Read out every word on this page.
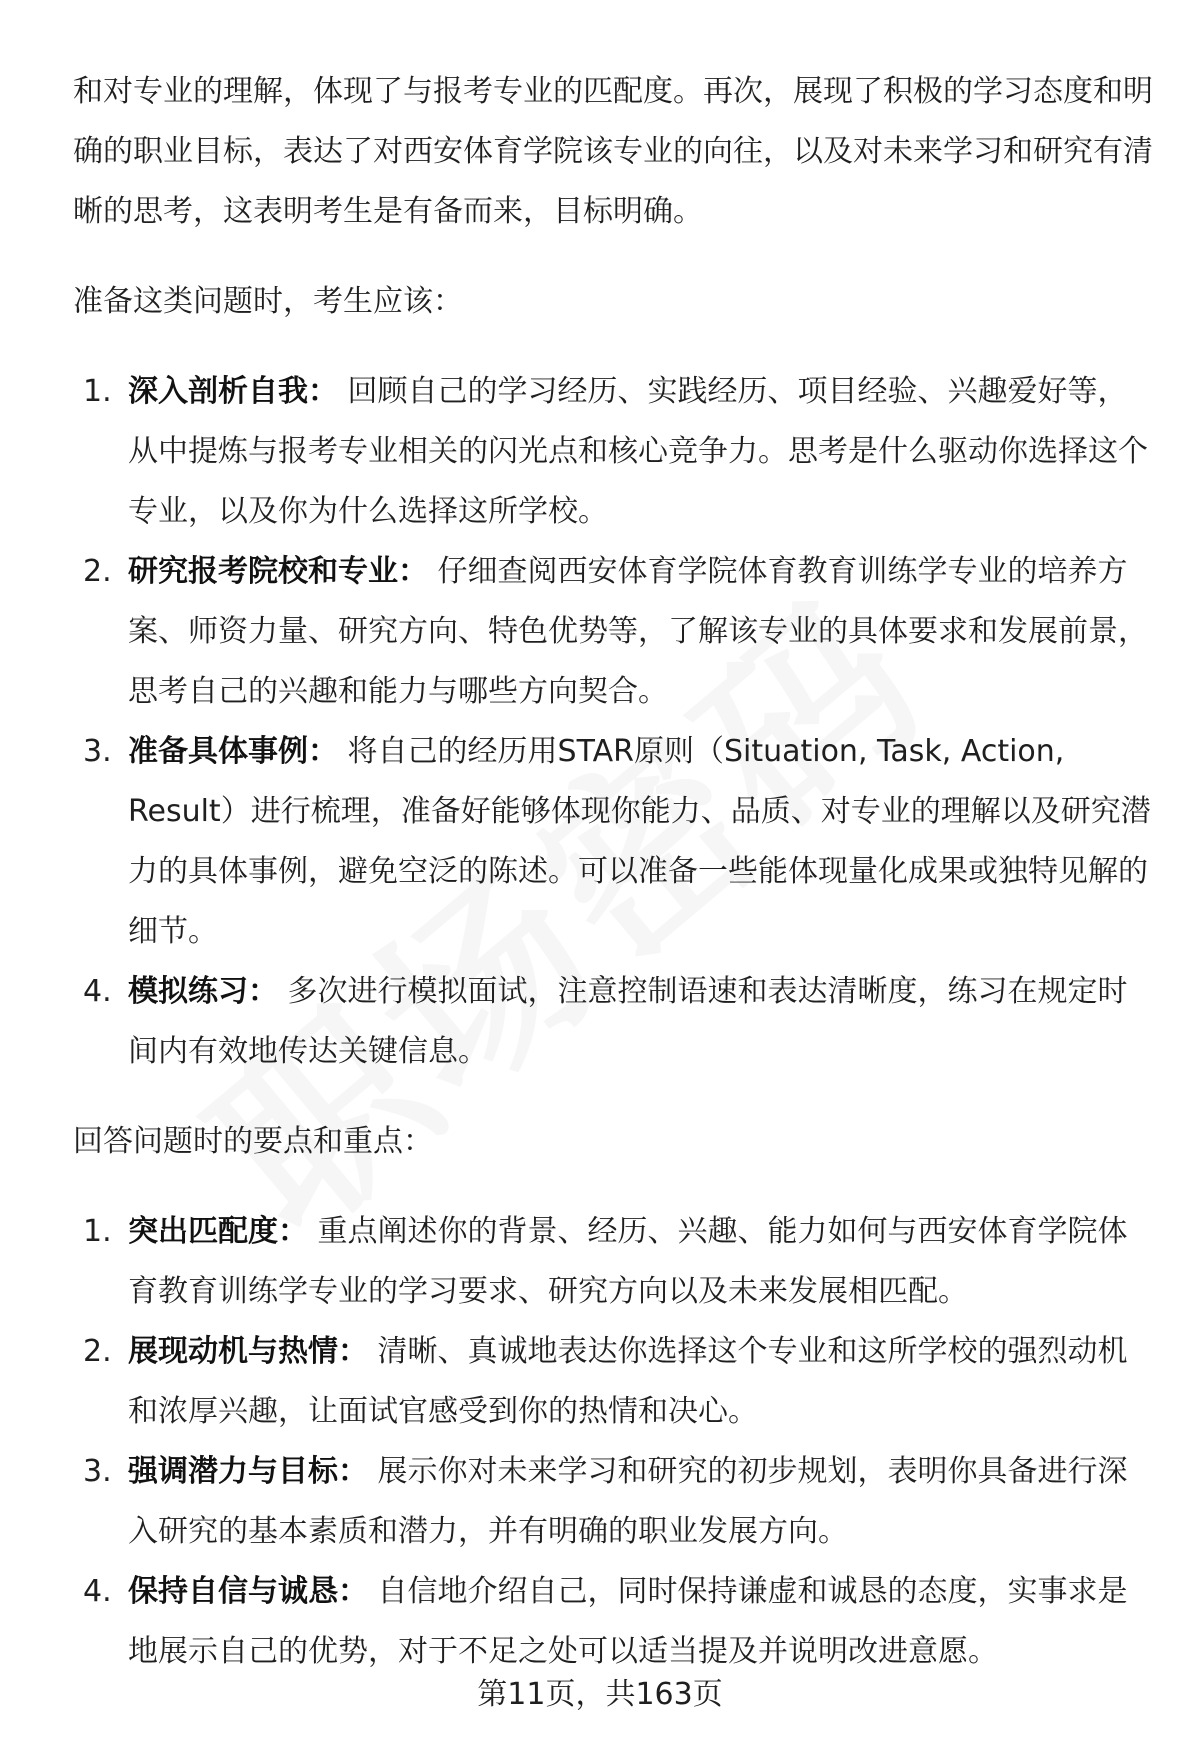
和对专业的理解，体现了与报考专业的匹配度。再次，展现了积极的学习态度和明确的职业目标，表达了对西安体育学院该专业的向往，以及对未来学习和研究有清晰的思考，这表明考生是有备而来，目标明确。

准备这类问题时，考生应该：

1. 深入剖析自我： 回顾自己的学习经历、实践经历、项目经验、兴趣爱好等，从中提炼与报考专业相关的闪光点和核心竞争力。思考是什么驱动你选择这个专业，以及你为什么选择这所学校。
2. 研究报考院校和专业： 仔细查阅西安体育学院体育教育训练学专业的培养方案、师资力量、研究方向、特色优势等，了解该专业的具体要求和发展前景，思考自己的兴趣和能力与哪些方向契合。
3. 准备具体事例： 将自己的经历用STAR原则（Situation, Task, Action, Result）进行梳理，准备好能够体现你能力、品质、对专业的理解以及研究潜力的具体事例，避免空泛的陈述。可以准备一些能体现量化成果或独特见解的细节。
4. 模拟练习： 多次进行模拟面试，注意控制语速和表达清晰度，练习在规定时间内有效地传达关键信息。

回答问题时的要点和重点：

1. 突出匹配度： 重点阐述你的背景、经历、兴趣、能力如何与西安体育学院体育教育训练学专业的学习要求、研究方向以及未来发展相匹配。
2. 展现动机与热情： 清晰、真诚地表达你选择这个专业和这所学校的强烈动机和浓厚兴趣，让面试官感受到你的热情和决心。
3. 强调潜力与目标： 展示你对未来学习和研究的初步规划，表明你具备进行深入研究的基本素质和潜力，并有明确的职业发展方向。
4. 保持自信与诚恳： 自信地介绍自己，同时保持谦虚和诚恳的态度，实事求是地展示自己的优势，对于不足之处可以适当提及并说明改进意愿。
第11页，共163页
